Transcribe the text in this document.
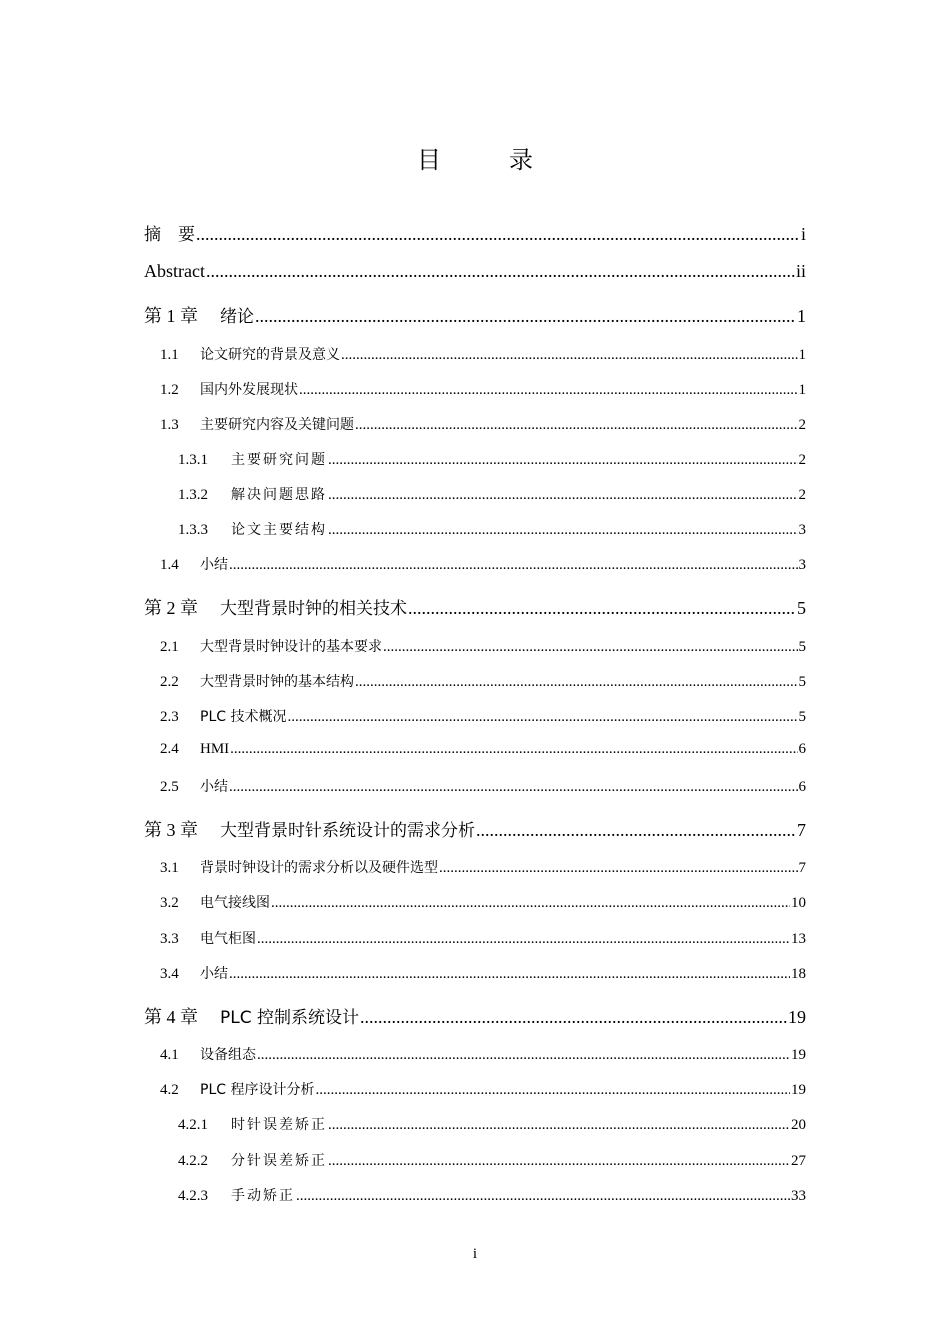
目　录
摘　要 .....	i
Abstract .....	ii
第 1 章	绪论 .....	1
1.1	论文研究的背景及意义 .....	1
1.2	国内外发展现状 .....	1
1.3	主要研究内容及关键问题 .....	2
1.3.1	主要研究问题 .....	2
1.3.2	解决问题思路 .....	2
1.3.3	论文主要结构 .....	3
1.4	小结 .....	3
第 2 章	大型背景时钟的相关技术 .....	5
2.1	大型背景时钟设计的基本要求 .....	5
2.2	大型背景时钟的基本结构 .....	5
2.3	PLC 技术概况 .....	5
2.4	HMI .....	6
2.5	小结 .....	6
第 3 章	大型背景时针系统设计的需求分析 .....	7
3.1	背景时钟设计的需求分析以及硬件选型 .....	7
3.2	电气接线图 .....	10
3.3	电气柜图 .....	13
3.4	小结 .....	18
第 4 章	PLC 控制系统设计 .....	19
4.1	设备组态 .....	19
4.2	PLC 程序设计分析 .....	19
4.2.1	时针误差矫正 .....	20
4.2.2	分针误差矫正 .....	27
4.2.3	手动矫正 .....	33
i
